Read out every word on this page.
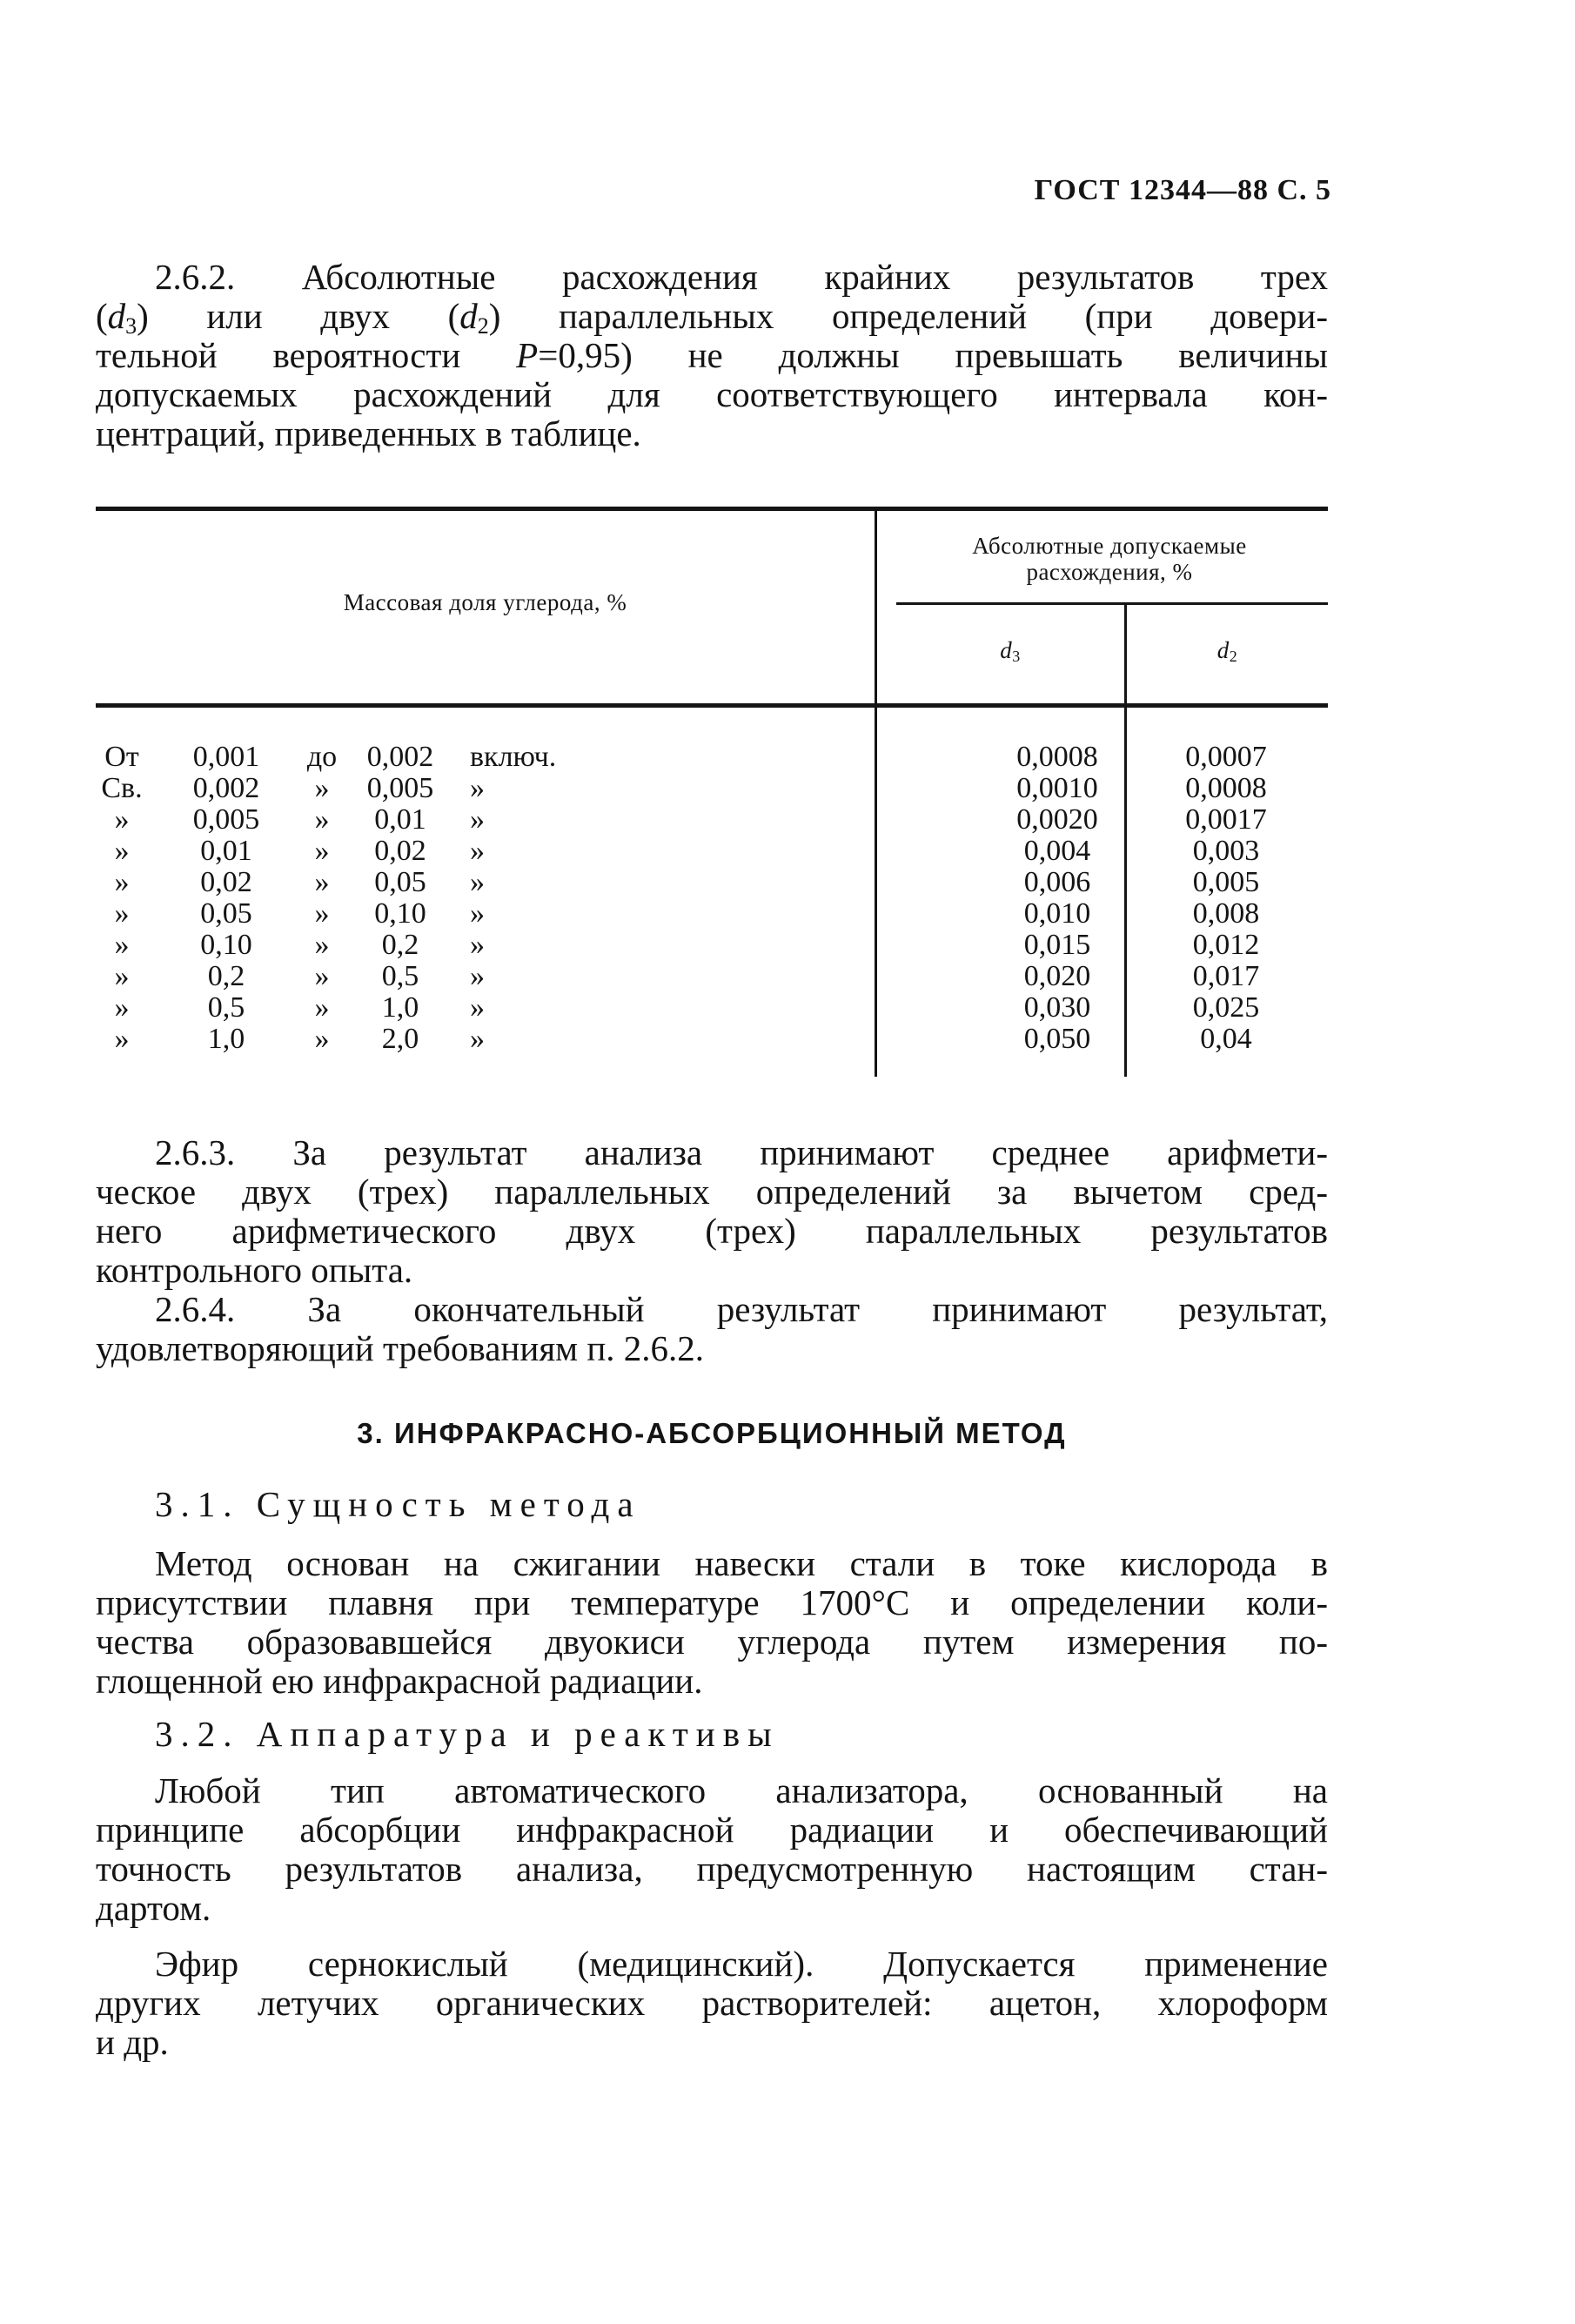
ГОСТ 12344—88 С. 5
2.6.2. Абсолютные расхождения крайних результатов трех
$(d_3)$ или двух $(d_2)$ параллельных определений (при довери-
тельной вероятности P=0,95) не должны превышать величины
допускаемых расхождений для соответствующего интервала кон-
центраций, приведенных в таблице.
Массовая доля углерода, %
Абсолютные допускаемые расхождения, %
$d_3$	$d_2$
От	0,001	до	0,002	включ.	0,0008	0,0007
Св.	0,002	»	0,005	»	0,0010	0,0008
»	0,005	»	0,01	»	0,0020	0,0017
»	0,01	»	0,02	»	0,004	0,003
»	0,02	»	0,05	»	0,006	0,005
»	0,05	»	0,10	»	0,010	0,008
»	0,10	»	0,2	»	0,015	0,012
»	0,2	»	0,5	»	0,020	0,017
»	0,5	»	1,0	»	0,030	0,025
»	1,0	»	2,0	»	0,050	0,04
2.6.3. За результат анализа принимают среднее арифмети-
ческое двух (трех) параллельных определений за вычетом сред-
него арифметического двух (трех) параллельных результатов
контрольного опыта.
2.6.4. За окончательный результат принимают результат,
удовлетворяющий требованиям п. 2.6.2.
3. ИНФРАКРАСНО-АБСОРБЦИОННЫЙ МЕТОД
3.1. Сущность метода
Метод основан на сжигании навески стали в токе кислорода в
присутствии плавня при температуре 1700°C и определении коли-
чества образовавшейся двуокиси углерода путем измерения по-
глощенной ею инфракрасной радиации.
3.2. Аппаратура и реактивы
Любой тип автоматического анализатора, основанный на
принципе абсорбции инфракрасной радиации и обеспечивающий
точность результатов анализа, предусмотренную настоящим стан-
дартом.
Эфир сернокислый (медицинский). Допускается применение
других летучих органических растворителей: ацетон, хлороформ
и др.
